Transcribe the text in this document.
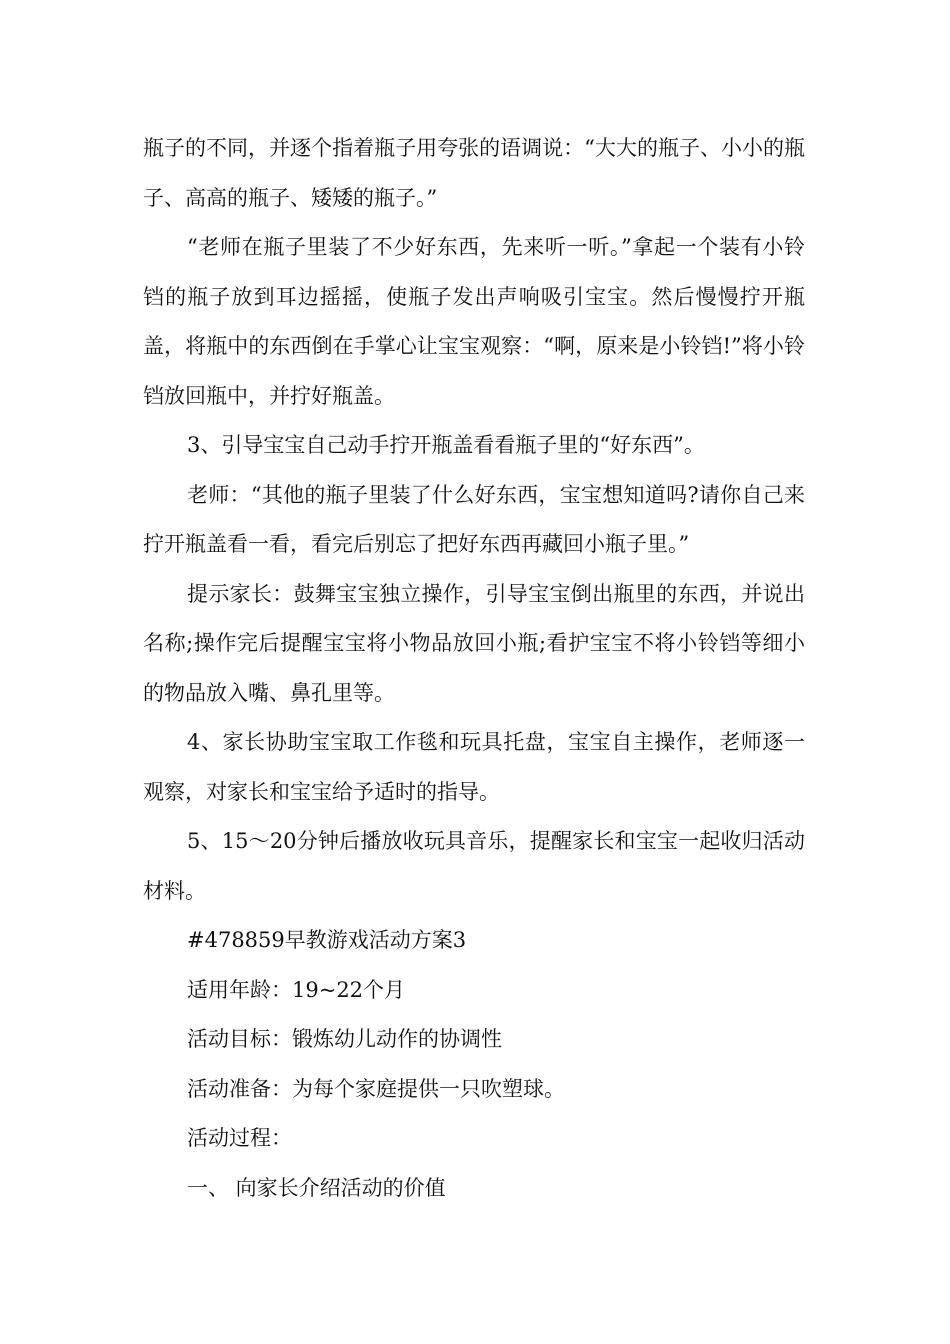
瓶子的不同，并逐个指着瓶子用夸张的语调说：“大大的瓶子、小小的瓶子、高高的瓶子、矮矮的瓶子。”

“老师在瓶子里装了不少好东西，先来听一听。”拿起一个装有小铃铛的瓶子放到耳边摇摇，使瓶子发出声响吸引宝宝。然后慢慢拧开瓶盖，将瓶中的东西倒在手掌心让宝宝观察：“啊，原来是小铃铛!”将小铃铛放回瓶中，并拧好瓶盖。

3、引导宝宝自己动手拧开瓶盖看看瓶子里的“好东西”。

老师：“其他的瓶子里装了什么好东西，宝宝想知道吗?请你自己来拧开瓶盖看一看，看完后别忘了把好东西再藏回小瓶子里。”

提示家长：鼓舞宝宝独立操作，引导宝宝倒出瓶里的东西，并说出名称;操作完后提醒宝宝将小物品放回小瓶;看护宝宝不将小铃铛等细小的物品放入嘴、鼻孔里等。

4、家长协助宝宝取工作毯和玩具托盘，宝宝自主操作，老师逐一观察，对家长和宝宝给予适时的指导。

5、15～20分钟后播放收玩具音乐，提醒家长和宝宝一起收归活动材料。

#478859早教游戏活动方案3

适用年龄：19~22个月

活动目标：锻炼幼儿动作的协调性

活动准备：为每个家庭提供一只吹塑球。

活动过程：

一、 向家长介绍活动的价值
